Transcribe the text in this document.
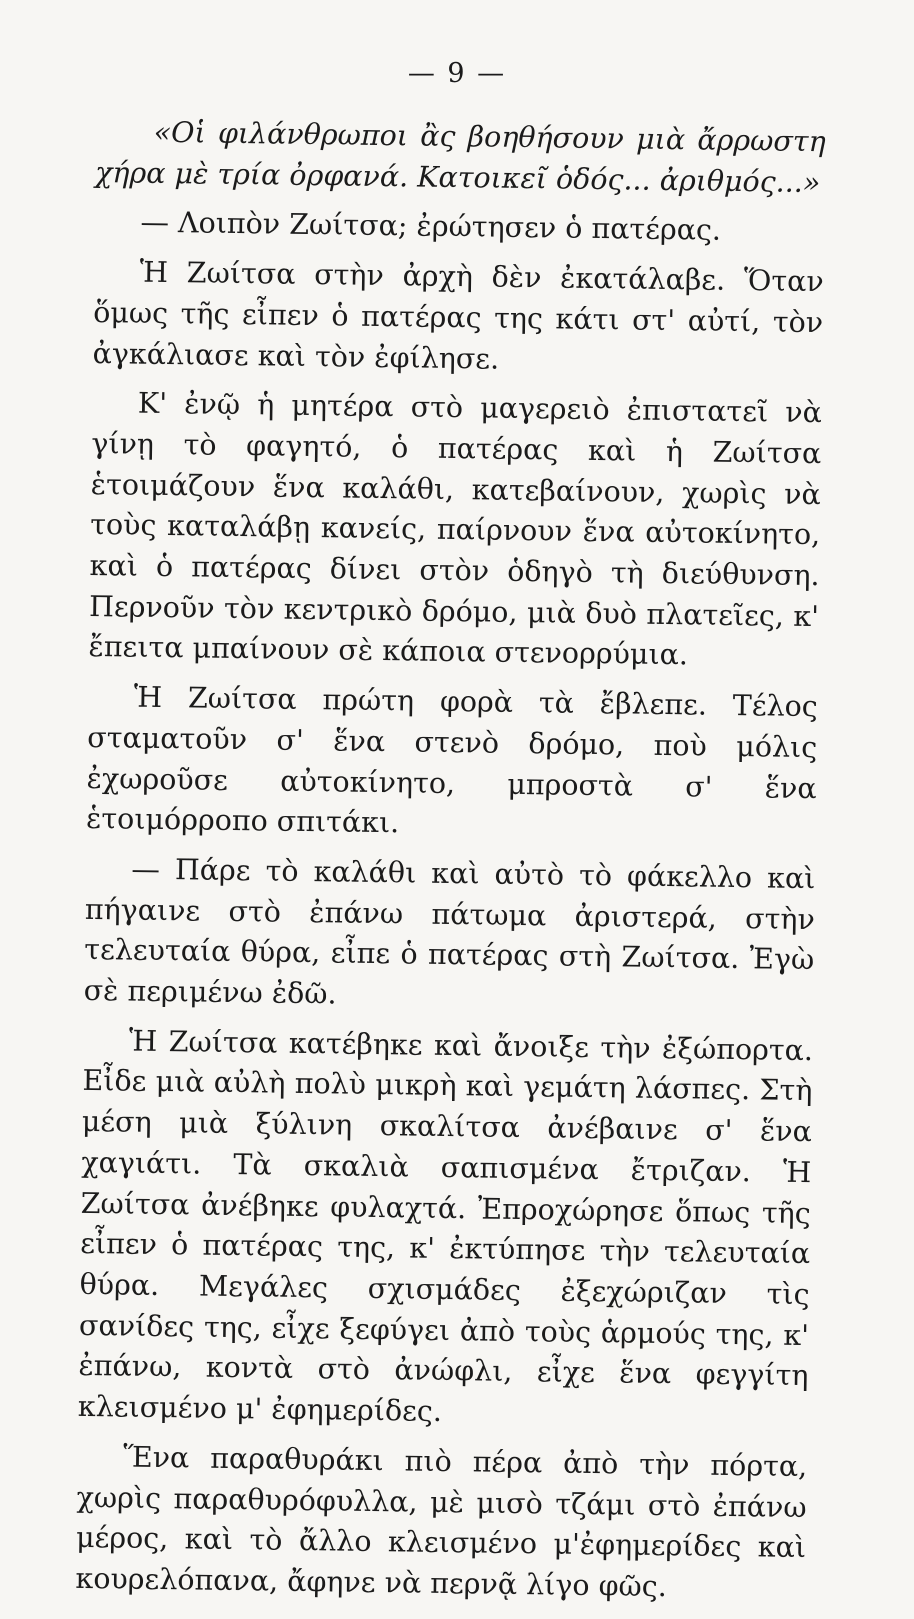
— 9 —

«Οἱ φιλάνθρωποι ἂς βοηθήσουν μιὰ ἄρρωστη χήρα μὲ τρία ὀρφανά. Κατοικεῖ ὁδός... ἀριθμός...»

— Λοιπὸν Ζωίτσα; ἐρώτησεν ὁ πατέρας.

Ἡ Ζωίτσα στὴν ἀρχὴ δὲν ἐκατάλαβε. Ὅταν ὅμως τῆς εἶπεν ὁ πατέρας της κάτι στ' αὐτί, τὸν ἀγκάλιασε καὶ τὸν ἐφίλησε.

Κ' ἐνῷ ἡ μητέρα στὸ μαγερειὸ ἐπιστατεῖ νὰ γίνῃ τὸ φαγητό, ὁ πατέρας καὶ ἡ Ζωίτσα ἑτοιμάζουν ἕνα καλάθι, κατεβαίνουν, χωρὶς νὰ τοὺς καταλάβῃ κανείς, παίρνουν ἕνα αὐτοκίνητο, καὶ ὁ πατέρας δίνει στὸν ὁδηγὸ τὴ διεύθυνση. Περνοῦν τὸν κεντρικὸ δρόμο, μιὰ δυὸ πλατεῖες, κ' ἔπειτα μπαίνουν σὲ κάποια στενορρύμια.

Ἡ Ζωίτσα πρώτη φορὰ τὰ ἔβλεπε. Τέλος σταματοῦν σ' ἕνα στενὸ δρόμο, ποὺ μόλις ἐχωροῦσε αὐτοκίνητο, μπροστὰ σ' ἕνα ἑτοιμόρροπο σπιτάκι.

— Πάρε τὸ καλάθι καὶ αὐτὸ τὸ φάκελλο καὶ πήγαινε στὸ ἐπάνω πάτωμα ἀριστερά, στὴν τελευταία θύρα, εἶπε ὁ πατέρας στὴ Ζωίτσα. Ἐγὼ σὲ περιμένω ἐδῶ.

Ἡ Ζωίτσα κατέβηκε καὶ ἄνοιξε τὴν ἐξώπορτα. Εἶδε μιὰ αὐλὴ πολὺ μικρὴ καὶ γεμάτη λάσπες. Στὴ μέση μιὰ ξύλινη σκαλίτσα ἀνέβαινε σ' ἕνα χαγιάτι. Τὰ σκαλιὰ σαπισμένα ἔτριζαν. Ἡ Ζωίτσα ἀνέβηκε φυλαχτά. Ἐπροχώρησε ὅπως τῆς εἶπεν ὁ πατέρας της, κ' ἐκτύπησε τὴν τελευταία θύρα. Μεγάλες σχισμάδες ἐξεχώριζαν τὶς σανίδες της, εἶχε ξεφύγει ἀπὸ τοὺς ἁρμούς της, κ' ἐπάνω, κοντὰ στὸ ἀνώφλι, εἶχε ἕνα φεγγίτη κλεισμένο μ' ἐφημερίδες.

Ἕνα παραθυράκι πιὸ πέρα ἀπὸ τὴν πόρτα, χωρὶς παραθυρόφυλλα, μὲ μισὸ τζάμι στὸ ἐπάνω μέρος, καὶ τὸ ἄλλο κλεισμένο μ'ἐφημερίδες καὶ κουρελόπανα, ἄφηνε νὰ περνᾷ λίγο φῶς.
